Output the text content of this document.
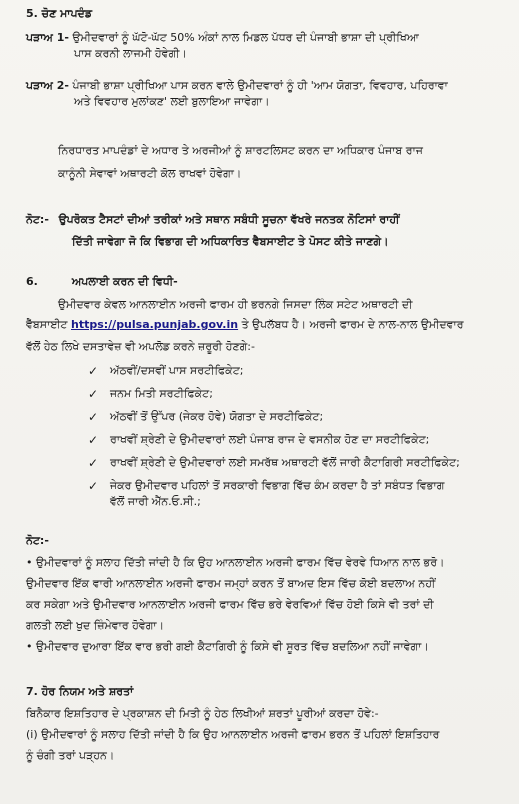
5. ਚੋਣ ਮਾਪਦੰਡ

ਪੜਾਅ 1- ਉਮੀਦਵਾਰਾਂ ਨੂੰ ਘੱਟੋ-ਘੱਟ 50% ਅੰਕਾਂ ਨਾਲ ਮਿਡਲ ਪੱਧਰ ਦੀ ਪੰਜਾਬੀ ਭਾਸ਼ਾ ਦੀ ਪ੍ਰੀਖਿਆ

ਪਾਸ ਕਰਨੀ ਲਾਜਮੀ ਹੋਵੇਗੀ।

ਪੜਾਅ 2- ਪੰਜਾਬੀ ਭਾਸ਼ਾ ਪ੍ਰੀਖਿਆ ਪਾਸ ਕਰਨ ਵਾਲੇ ਉਮੀਦਵਾਰਾਂ ਨੂੰ ਹੀ 'ਆਮ ਯੋਗਤਾ, ਵਿਵਹਾਰ, ਪਹਿਰਾਵਾ

ਅਤੇ ਵਿਵਹਾਰ ਮੁਲਾਂਕਣ' ਲਈ ਬੁਲਾਇਆ ਜਾਵੇਗਾ।

ਨਿਰਧਾਰਤ ਮਾਪਦੰਡਾਂ ਦੇ ਅਧਾਰ ਤੇ ਅਰਜੀਆਂ ਨੂੰ ਸ਼ਾਰਟਲਿਸਟ ਕਰਨ ਦਾ ਅਧਿਕਾਰ ਪੰਜਾਬ ਰਾਜ

ਕਾਨੂੰਨੀ ਸੇਵਾਵਾਂ ਅਥਾਰਟੀ ਕੋਲ ਰਾਖਵਾਂ ਹੋਵੇਗਾ।

ਨੋਟ:- ਉਪਰੋਕਤ ਟੈਸਟਾਂ ਦੀਆਂ ਤਰੀਕਾਂ ਅਤੇ ਸਥਾਨ ਸਬੰਧੀ ਸੂਚਨਾ ਵੱਖਰੇ ਜਨਤਕ ਨੋਟਿਸਾਂ ਰਾਹੀਂ

ਦਿੱਤੀ ਜਾਵੇਗਾ ਜੋ ਕਿ ਵਿਭਾਗ ਦੀ ਅਧਿਕਾਰਿਤ ਵੈਬਸਾਈਟ ਤੇ ਪੋਸਟ ਕੀਤੇ ਜਾਣਗੇ।

6.	ਅਪਲਾਈ ਕਰਨ ਦੀ ਵਿਧੀ-

ਉਮੀਦਵਾਰ ਕੇਵਲ ਆਨਲਾਈਨ ਅਰਜੀ ਫਾਰਮ ਹੀ ਭਰਨਗੇ ਜਿਸਦਾ ਲਿੰਕ ਸਟੇਟ ਅਥਾਰਟੀ ਦੀ

ਵੈੱਬਸਾਈਟ https://pulsa.punjab.gov.in ਤੇ ਉਪਲੱਬਧ ਹੈ। ਅਰਜੀ ਫਾਰਮ ਦੇ ਨਾਲ-ਨਾਲ ਉਮੀਦਵਾਰ

ਵੱਲੋਂ ਹੇਠ ਲਿਖੇ ਦਸਤਾਵੇਜ਼ ਵੀ ਅਪਲੋਡ ਕਰਨੇ ਜ਼ਰੂਰੀ ਹੋਣਗੇ:-

✓ ਅੱਠਵੀਂ/ਦਸਵੀਂ ਪਾਸ ਸਰਟੀਫਿਕੇਟ;
✓ ਜਨਮ ਮਿਤੀ ਸਰਟੀਫਿਕੇਟ;
✓ ਅੱਠਵੀਂ ਤੋਂ ਉੱਪਰ (ਜੇਕਰ ਹੋਵੇ) ਯੋਗਤਾ ਦੇ ਸਰਟੀਫਿਕੇਟ;
✓ ਰਾਖਵੀਂ ਸ਼੍ਰੇਣੀ ਦੇ ਉਮੀਦਵਾਰਾਂ ਲਈ ਪੰਜਾਬ ਰਾਜ ਦੇ ਵਸਨੀਕ ਹੋਣ ਦਾ ਸਰਟੀਫਿਕੇਟ;
✓ ਰਾਖਵੀਂ ਸ਼੍ਰੇਣੀ ਦੇ ਉਮੀਦਵਾਰਾਂ ਲਈ ਸਮਰੱਥ ਅਥਾਰਟੀ ਵੱਲੋਂ ਜਾਰੀ ਕੈਟਾਗਿਰੀ ਸਰਟੀਫਿਕੇਟ;
✓ ਜੇਕਰ ਉਮੀਦਵਾਰ ਪਹਿਲਾਂ ਤੋਂ ਸਰਕਾਰੀ ਵਿਭਾਗ ਵਿੱਚ ਕੰਮ ਕਰਦਾ ਹੈ ਤਾਂ ਸਬੰਧਤ ਵਿਭਾਗ
ਵੱਲੋਂ ਜਾਰੀ ਐੱਨ.ਓ.ਸੀ.;

ਨੋਟ:-

• ਉਮੀਦਵਾਰਾਂ ਨੂੰ ਸਲਾਹ ਦਿੱਤੀ ਜਾਂਦੀ ਹੈ ਕਿ ਉਹ ਆਨਲਾਈਨ ਅਰਜੀ ਫਾਰਮ ਵਿੱਚ ਵੇਰਵੇ ਧਿਆਨ ਨਾਲ ਭਰੋ।

ਉਮੀਦਵਾਰ ਇੱਕ ਵਾਰੀ ਆਨਲਾਈਨ ਅਰਜੀ ਫਾਰਮ ਜਮ੍ਹਾਂ ਕਰਨ ਤੋਂ ਬਾਅਦ ਇਸ ਵਿੱਚ ਕੋਈ ਬਦਲਾਅ ਨਹੀਂ

ਕਰ ਸਕੇਗਾ ਅਤੇ ਉਮੀਦਵਾਰ ਆਨਲਾਈਨ ਅਰਜੀ ਫਾਰਮ ਵਿੱਚ ਭਰੇ ਵੇਰਵਿਆਂ ਵਿੱਚ ਹੋਈ ਕਿਸੇ ਵੀ ਤਰਾਂ ਦੀ

ਗਲਤੀ ਲਈ ਖੁਦ ਜ਼ਿੰਮੇਵਾਰ ਹੋਵੇਗਾ।

• ਉਮੀਦਵਾਰ ਦੁਆਰਾ ਇੱਕ ਵਾਰ ਭਰੀ ਗਈ ਕੈਟਾਗਿਰੀ ਨੂੰ ਕਿਸੇ ਵੀ ਸੂਰਤ ਵਿੱਚ ਬਦਲਿਆ ਨਹੀਂ ਜਾਵੇਗਾ।

7. ਹੋਰ ਨਿਯਮ ਅਤੇ ਸ਼ਰਤਾਂ

ਬਿਨੈਕਾਰ ਇਸ਼ਤਿਹਾਰ ਦੇ ਪ੍ਰਕਾਸ਼ਨ ਦੀ ਮਿਤੀ ਨੂੰ ਹੇਠ ਲਿਖੀਆਂ ਸ਼ਰਤਾਂ ਪੂਰੀਆਂ ਕਰਦਾ ਹੋਵੇ:-

(i) ਉਮੀਦਵਾਰਾਂ ਨੂੰ ਸਲਾਹ ਦਿੱਤੀ ਜਾਂਦੀ ਹੈ ਕਿ ਉਹ ਆਨਲਾਈਨ ਅਰਜੀ ਫਾਰਮ ਭਰਨ ਤੋਂ ਪਹਿਲਾਂ ਇਸ਼ਤਿਹਾਰ

ਨੂੰ ਚੰਗੀ ਤਰਾਂ ਪੜ੍ਹਨ।
